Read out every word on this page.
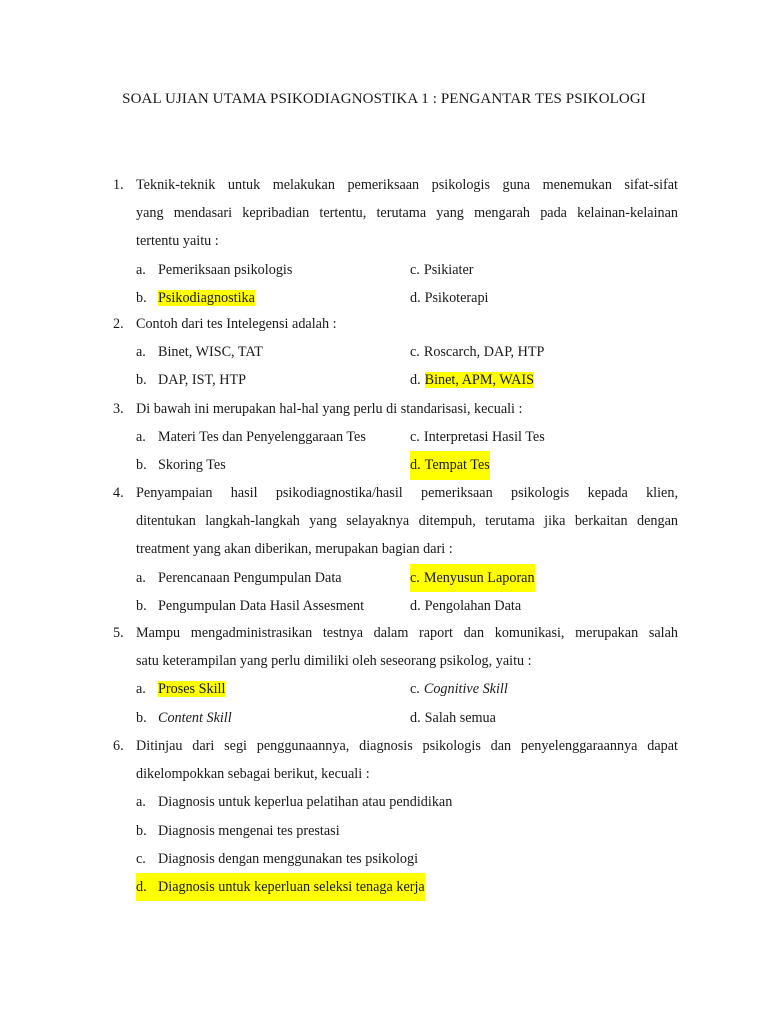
SOAL UJIAN UTAMA PSIKODIAGNOSTIKA 1 : PENGANTAR TES PSIKOLOGI
1. Teknik-teknik untuk melakukan pemeriksaan psikologis guna menemukan sifat-sifat
yang mendasari kepribadian tertentu, terutama yang mengarah pada kelainan-kelainan
tertentu yaitu :
a. Pemeriksaan psikologis	c. Psikiater
b. Psikodiagnostika	d. Psikoterapi
2. Contoh dari tes Intelegensi adalah :
a. Binet, WISC, TAT	c. Roscarch, DAP, HTP
b. DAP, IST, HTP	d. Binet, APM, WAIS
3. Di bawah ini merupakan hal-hal yang perlu di standarisasi, kecuali :
a. Materi Tes dan Penyelenggaraan Tes	c. Interpretasi Hasil Tes
b. Skoring Tes	d. Tempat Tes
4. Penyampaian hasil psikodiagnostika/hasil pemeriksaan psikologis kepada klien,
ditentukan langkah-langkah yang selayaknya ditempuh, terutama jika berkaitan dengan
treatment yang akan diberikan, merupakan bagian dari :
a. Perencanaan Pengumpulan Data	c. Menyusun Laporan
b. Pengumpulan Data Hasil Assesment	d. Pengolahan Data
5. Mampu mengadministrasikan testnya dalam raport dan komunikasi, merupakan salah
satu keterampilan yang perlu dimiliki oleh seseorang psikolog, yaitu :
a. Proses Skill	c. Cognitive Skill
b. Content Skill	d. Salah semua
6. Ditinjau dari segi penggunaannya, diagnosis psikologis dan penyelenggaraannya dapat
dikelompokkan sebagai berikut, kecuali :
a. Diagnosis untuk keperlua pelatihan atau pendidikan
b. Diagnosis mengenai tes prestasi
c. Diagnosis dengan menggunakan tes psikologi
d. Diagnosis untuk keperluan seleksi tenaga kerja
